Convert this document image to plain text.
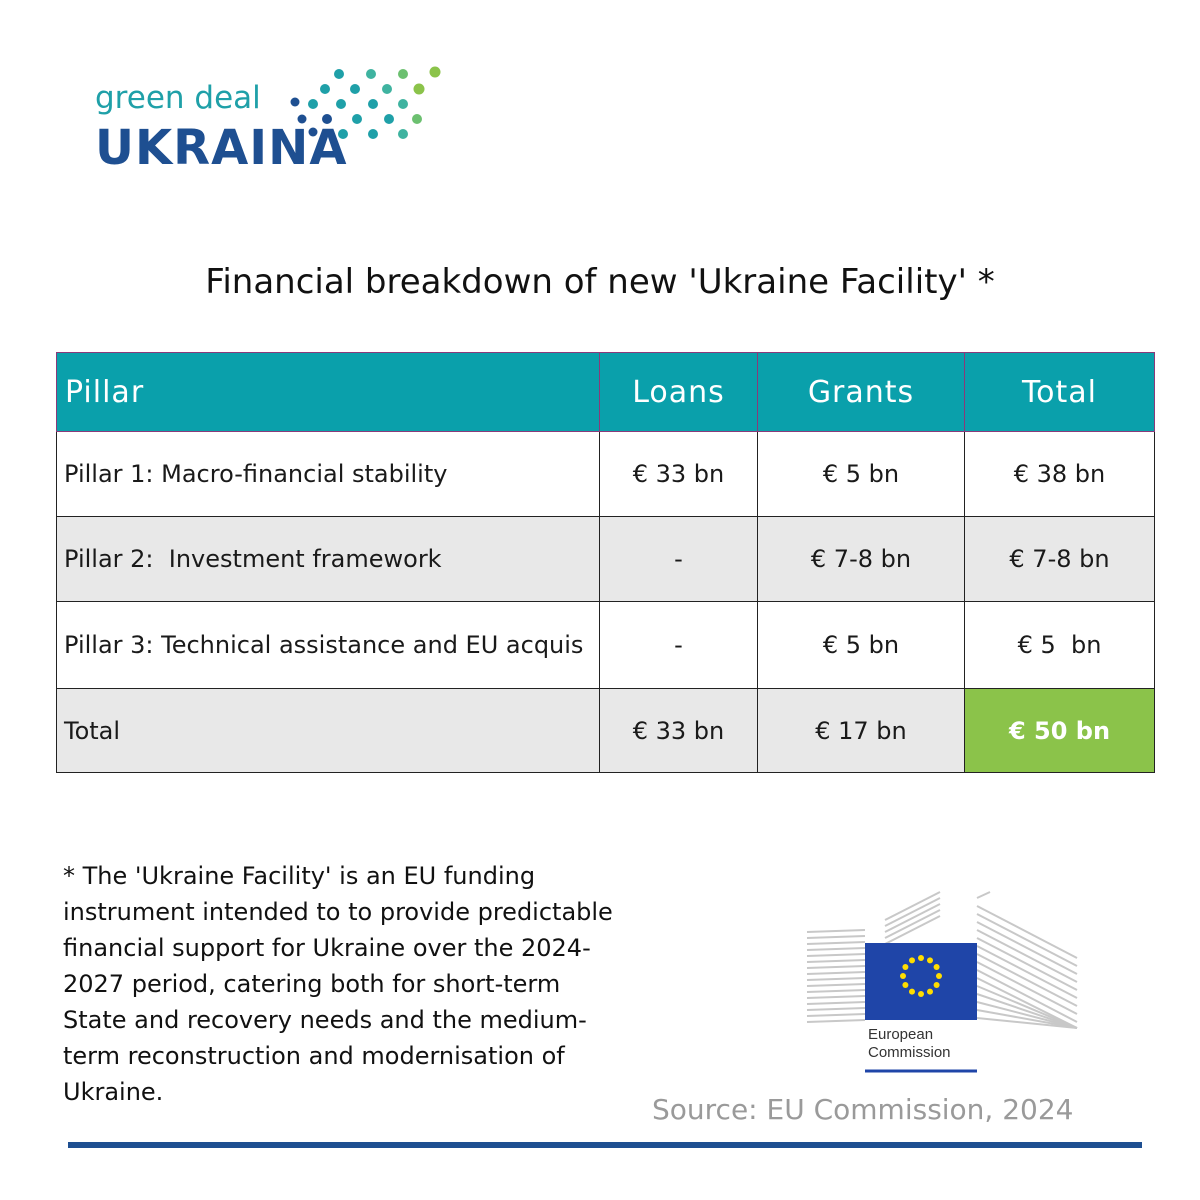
green deal
UKRAINA
Financial breakdown of new 'Ukraine Facility' *
Pillar	Loans	Grants	Total
Pillar 1: Macro-financial stability	€ 33 bn	€ 5 bn	€ 38 bn
Pillar 2:  Investment framework	-	€ 7-8 bn	€ 7-8 bn
Pillar 3: Technical assistance and EU acquis	-	€ 5 bn	€ 5  bn
Total	€ 33 bn	€ 17 bn	€ 50 bn
* The 'Ukraine Facility' is an EU funding instrument intended to to provide predictable financial support for Ukraine over the 2024-2027 period, catering both for short-term State and recovery needs and the medium-term reconstruction and modernisation of Ukraine.
European
Commission
Source: EU Commission, 2024
